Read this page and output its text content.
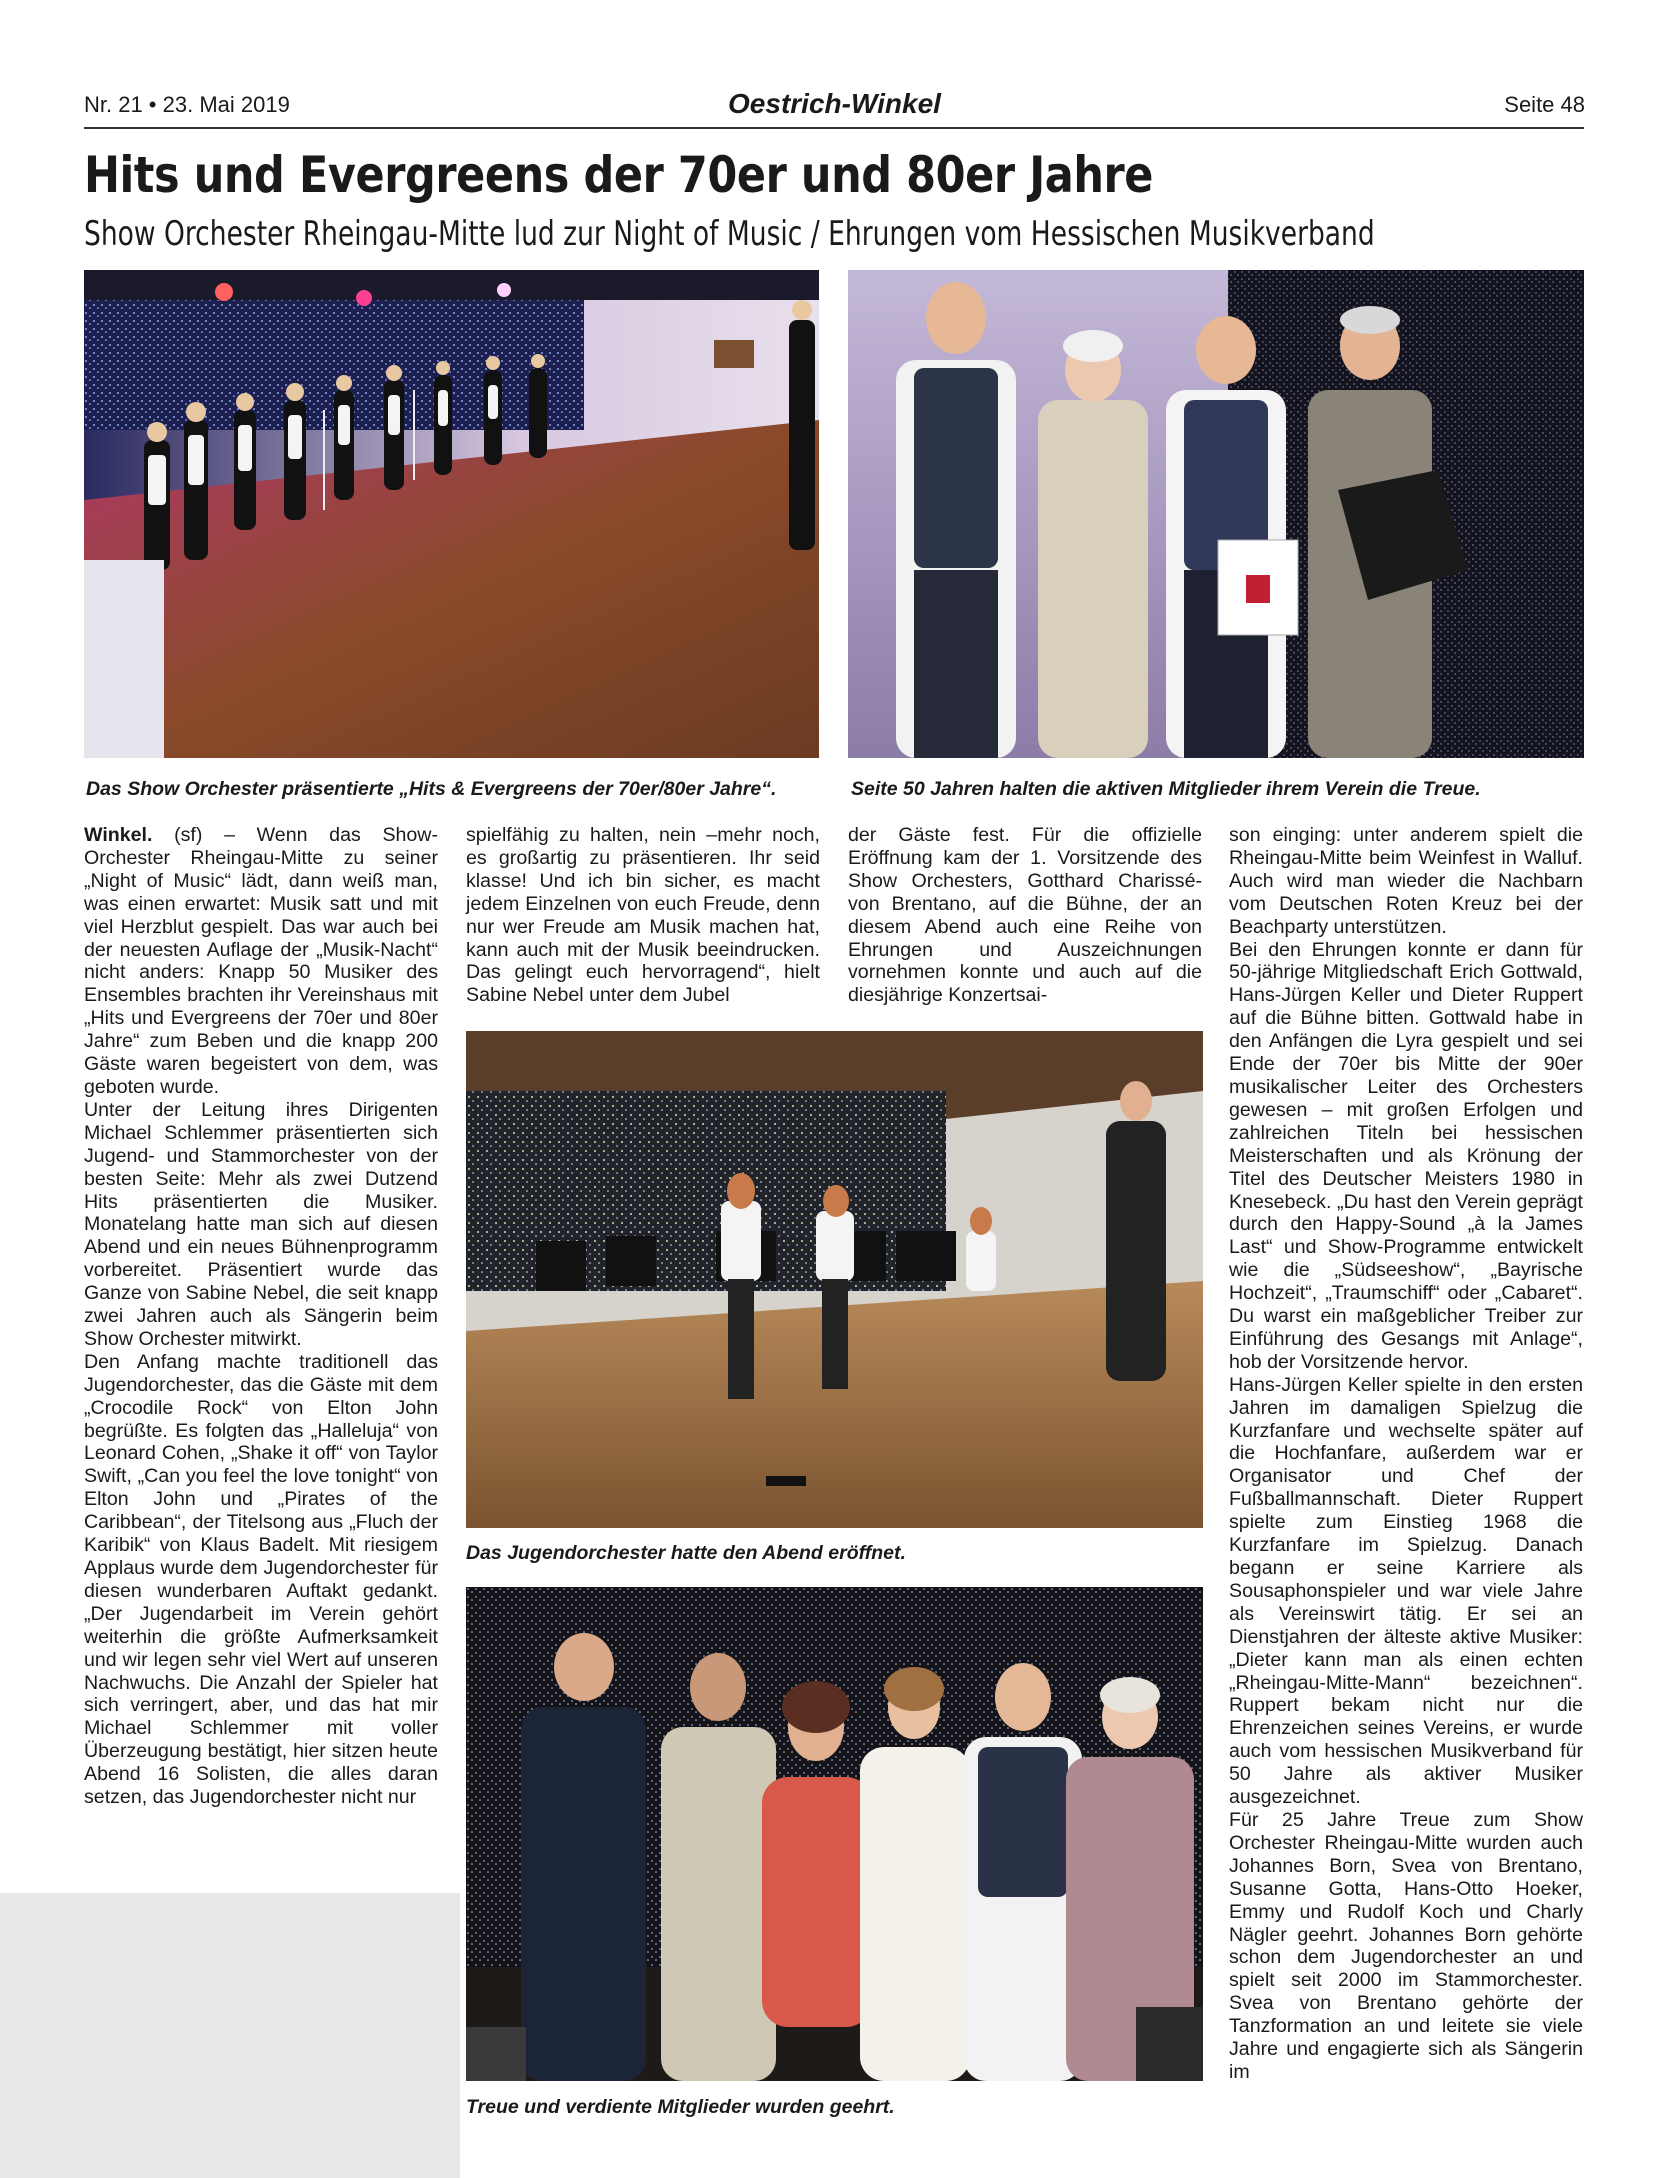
Nr. 21 • 23. Mai 2019	Oestrich-Winkel	Seite 48
Hits und Evergreens der 70er und 80er Jahre
Show Orchester Rheingau-Mitte lud zur Night of Music / Ehrungen vom Hessischen Musikverband
Das Show Orchester präsentierte „Hits & Evergreens der 70er/80er Jahre“.	Seite 50 Jahren halten die aktiven Mitglieder ihrem Verein die Treue.

Winkel. (sf) – Wenn das Show-Orchester Rheingau-Mitte zu seiner „Night of Music“ lädt, dann weiß man, was einen erwartet: Musik satt und mit viel Herzblut gespielt. Das war auch bei der neuesten Auflage der „Musik-Nacht“ nicht anders: Knapp 50 Musiker des Ensembles brachten ihr Vereinshaus mit „Hits und Evergreens der 70er und 80er Jahre“ zum Beben und die knapp 200 Gäste waren begeistert von dem, was geboten wurde.

Unter der Leitung ihres Dirigenten Michael Schlemmer präsentierten sich Jugend- und Stammorchester von der besten Seite: Mehr als zwei Dutzend Hits präsentierten die Musiker. Monatelang hatte man sich auf diesen Abend und ein neues Bühnenprogramm vorbereitet. Präsentiert wurde das Ganze von Sabine Nebel, die seit knapp zwei Jahren auch als Sängerin beim Show Orchester mitwirkt.

Den Anfang machte traditionell das Jugendorchester, das die Gäste mit dem „Crocodile Rock“ von Elton John begrüßte. Es folgten das „Halleluja“ von Leonard Cohen, „Shake it off“ von Taylor Swift, „Can you feel the love tonight“ von Elton John und „Pirates of the Caribbean“, der Titelsong aus „Fluch der Karibik“ von Klaus Badelt. Mit riesigem Applaus wurde dem Jugendorchester für diesen wunderbaren Auftakt gedankt. „Der Jugendarbeit im Verein gehört weiterhin die größte Aufmerksamkeit und wir legen sehr viel Wert auf unseren Nachwuchs. Die Anzahl der Spieler hat sich verringert, aber, und das hat mir Michael Schlemmer mit voller Überzeugung bestätigt, hier sitzen heute Abend 16 Solisten, die alles daran setzen, das Jugendorchester nicht nur

spielfähig zu halten, nein –mehr noch, es großartig zu präsentieren. Ihr seid klasse! Und ich bin sicher, es macht jedem Einzelnen von euch Freude, denn nur wer Freude am Musik machen hat, kann auch mit der Musik beeindrucken. Das gelingt euch hervorragend“, hielt Sabine Nebel unter dem Jubel

der Gäste fest. Für die offizielle Eröffnung kam der 1. Vorsitzende des Show Orchesters, Gotthard Charissé-von Brentano, auf die Bühne, der an diesem Abend auch eine Reihe von Ehrungen und Auszeichnungen vornehmen konnte und auch auf die diesjährige Konzertsai-

Das Jugendorchester hatte den Abend eröffnet.
Treue und verdiente Mitglieder wurden geehrt.

son einging: unter anderem spielt die Rheingau-Mitte beim Weinfest in Walluf. Auch wird man wieder die Nachbarn vom Deutschen Roten Kreuz bei der Beachparty unterstützen.

Bei den Ehrungen konnte er dann für 50-jährige Mitgliedschaft Erich Gottwald, Hans-Jürgen Keller und Dieter Ruppert auf die Bühne bitten. Gottwald habe in den Anfängen die Lyra gespielt und sei Ende der 70er bis Mitte der 90er musikalischer Leiter des Orchesters gewesen – mit großen Erfolgen und zahlreichen Titeln bei hessischen Meisterschaften und als Krönung der Titel des Deutscher Meisters 1980 in Knesebeck. „Du hast den Verein geprägt durch den Happy-Sound „à la James Last“ und Show-Programme entwickelt wie die „Südseeshow“, „Bayrische Hochzeit“, „Traumschiff“ oder „Cabaret“. Du warst ein maßgeblicher Treiber zur Einführung des Gesangs mit Anlage“, hob der Vorsitzende hervor.

Hans-Jürgen Keller spielte in den ersten Jahren im damaligen Spielzug die Kurzfanfare und wechselte später auf die Hochfanfare, außerdem war er Organisator und Chef der Fußballmannschaft. Dieter Ruppert spielte zum Einstieg 1968 die Kurzfanfare im Spielzug. Danach begann er seine Karriere als Sousaphonspieler und war viele Jahre als Vereinswirt tätig. Er sei an Dienstjahren der älteste aktive Musiker: „Dieter kann man als einen echten „Rheingau-Mitte-Mann“ bezeichnen“. Ruppert bekam nicht nur die Ehrenzeichen seines Vereins, er wurde auch vom hessischen Musikverband für 50 Jahre als aktiver Musiker ausgezeichnet.

Für 25 Jahre Treue zum Show Orchester Rheingau-Mitte wurden auch Johannes Born, Svea von Brentano, Susanne Gotta, Hans-Otto Hoeker, Emmy und Rudolf Koch und Charly Nägler geehrt. Johannes Born gehörte schon dem Jugendorchester an und spielt seit 2000 im Stammorchester. Svea von Brentano gehörte der Tanzformation an und leitete sie viele Jahre und engagierte sich als Sängerin im
